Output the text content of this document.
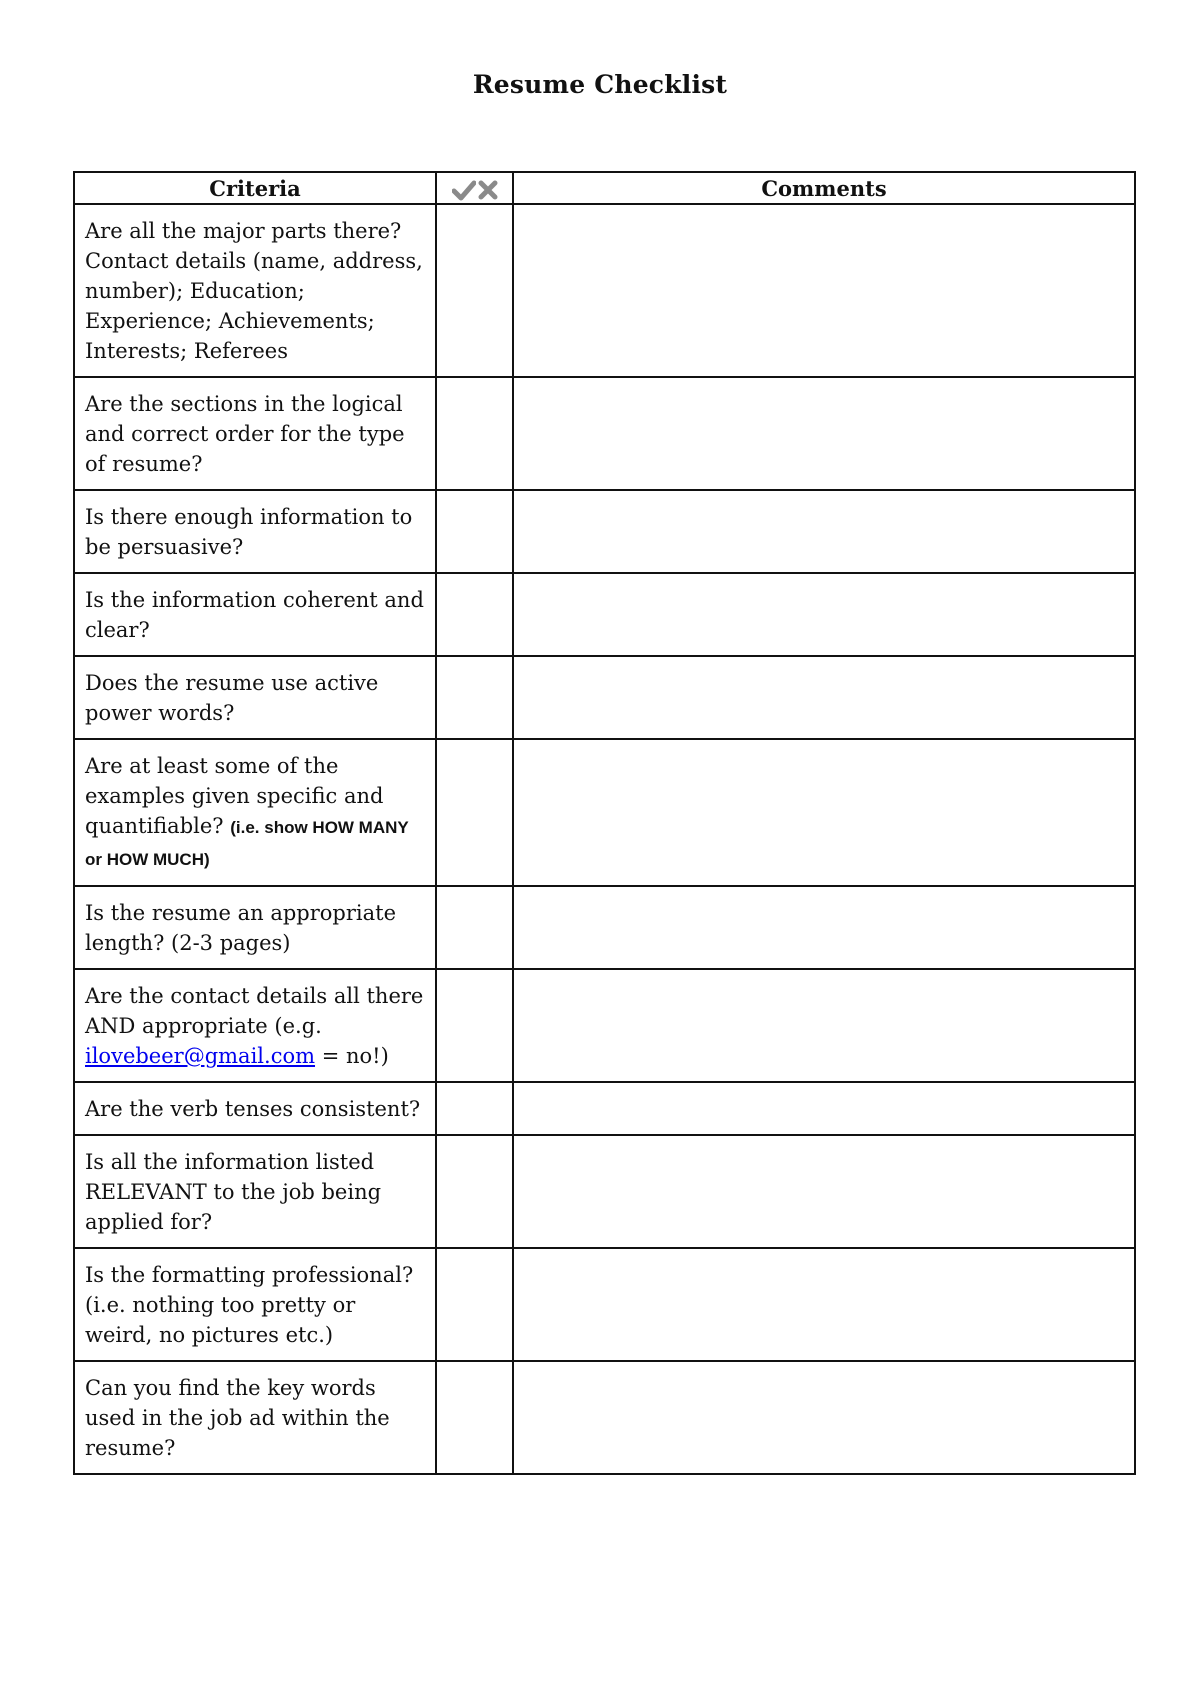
Resume Checklist
Criteria		Comments
Are all the major parts there? Contact details (name, address, number); Education; Experience; Achievements; Interests; Referees		
Are the sections in the logical and correct order for the type of resume?		
Is there enough information to be persuasive?		
Is the information coherent and clear?		
Does the resume use active power words?		
Are at least some of the examples given specific and quantifiable? (i.e. show HOW MANY or HOW MUCH)		
Is the resume an appropriate length? (2-3 pages)		
Are the contact details all there AND appropriate (e.g. ilovebeer@gmail.com = no!)		
Are the verb tenses consistent?		
Is all the information listed RELEVANT to the job being applied for?		
Is the formatting professional? (i.e. nothing too pretty or weird, no pictures etc.)		
Can you find the key words used in the job ad within the resume?		
